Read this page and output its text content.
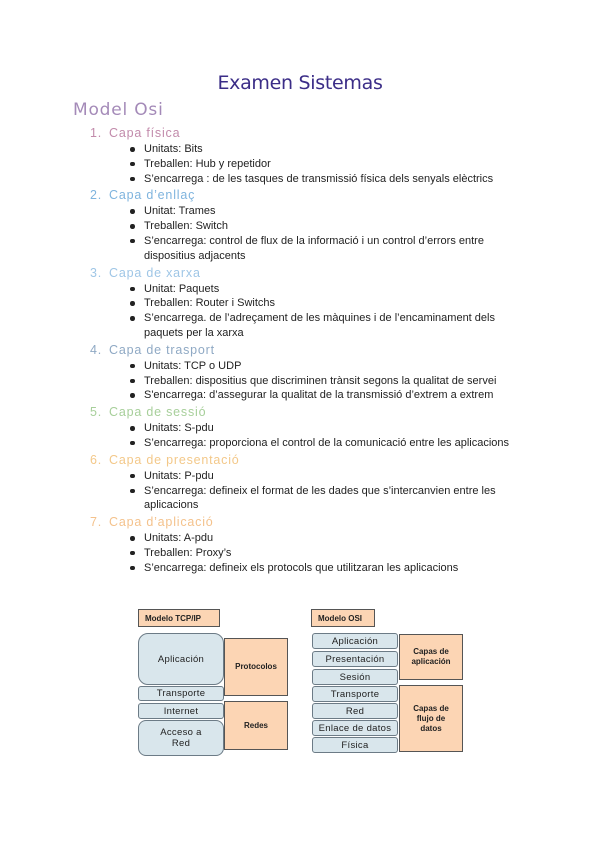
Examen Sistemas
Model Osi
1. Capa física
Unitats: Bits
Treballen: Hub y repetidor
S’encarrega : de les tasques de transmissió física dels senyals elèctrics
2. Capa d’enllaç
Unitat: Trames
Treballen: Switch
S’encarrega: control de flux de la informació i un control d’errors entre dispositius adjacents
3. Capa de xarxa
Unitat: Paquets
Treballen: Router i Switchs
S’encarrega. de l’adreçament de les màquines i de l’encaminament dels paquets per la xarxa
4. Capa de trasport
Unitats: TCP o UDP
Treballen: dispositius que discriminen trànsit segons la qualitat de servei
S'encarrega: d’assegurar la qualitat de la transmissió d’extrem a extrem
5. Capa de sessió
Unitats: S-pdu
S’encarrega: proporciona el control de la comunicació entre les aplicacions
6. Capa de presentació
Unitats: P-pdu
S’encarrega: defineix el format de les dades que s’intercanvien entre les aplicacions
7. Capa d’aplicació
Unitats: A-pdu
Treballen: Proxy’s
S’encarrega: defineix els protocols que utilitzaran les aplicacions
Modelo TCP/IP
Aplicación
Transporte
Internet
Acceso a Red
Protocolos
Redes
Modelo OSI
Aplicación
Presentación
Sesión
Transporte
Red
Enlace de datos
Física
Capas de aplicación
Capas de flujo de datos
